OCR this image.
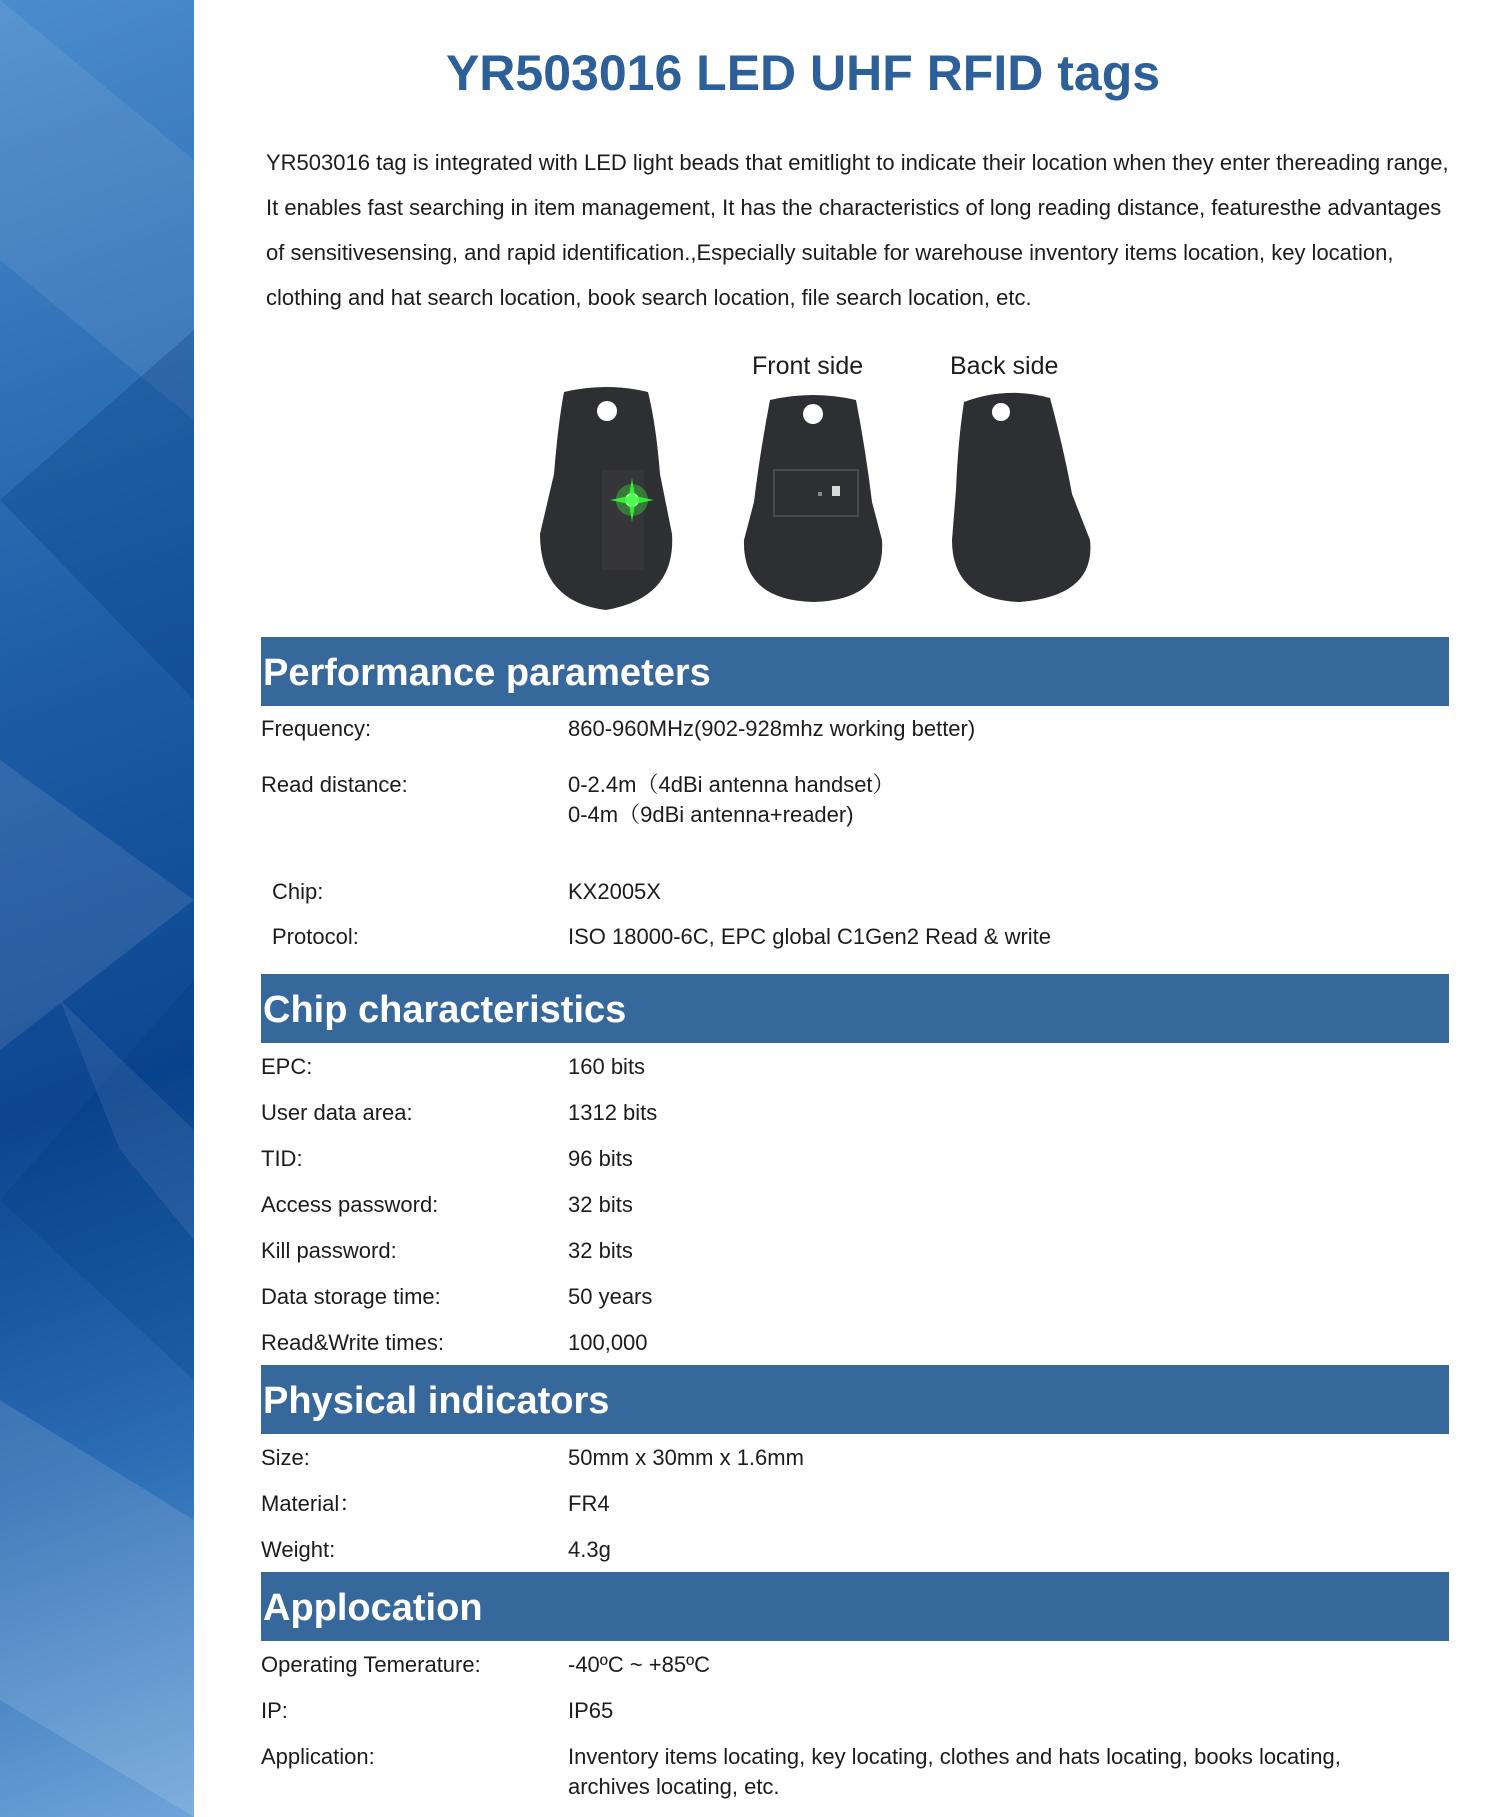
YR503016 LED UHF RFID tags

YR503016 tag is integrated with LED light beads that emitlight to indicate their location when they enter thereading range, It enables fast searching in item management, It has the characteristics of long reading distance, featuresthe advantages of sensitivesensing, and rapid identification.,Especially suitable for warehouse inventory items location, key location, clothing and hat search location, book search location, file search location, etc.

Front side	Back side
Performance parameters
Frequency:	860-960MHz(902-928mhz working better)
Read distance:	0-2.4m（4dBi antenna handset）
0-4m（9dBi antenna+reader)
Chip:	KX2005X
Protocol:	ISO 18000-6C, EPC global C1Gen2 Read & write
Chip characteristics
EPC:	160 bits
User data area:	1312 bits
TID:	96 bits
Access password:	32 bits
Kill password:	32 bits
Data storage time:	50 years
Read&Write times:	100,000
Physical indicators
Size:	50mm x 30mm x 1.6mm
Material：	FR4
Weight:	4.3g
Applocation
Operating Temerature:	-40ºC ~ +85ºC
IP:	IP65
Application:	Inventory items locating, key locating, clothes and hats locating, books locating,
archives locating, etc.
